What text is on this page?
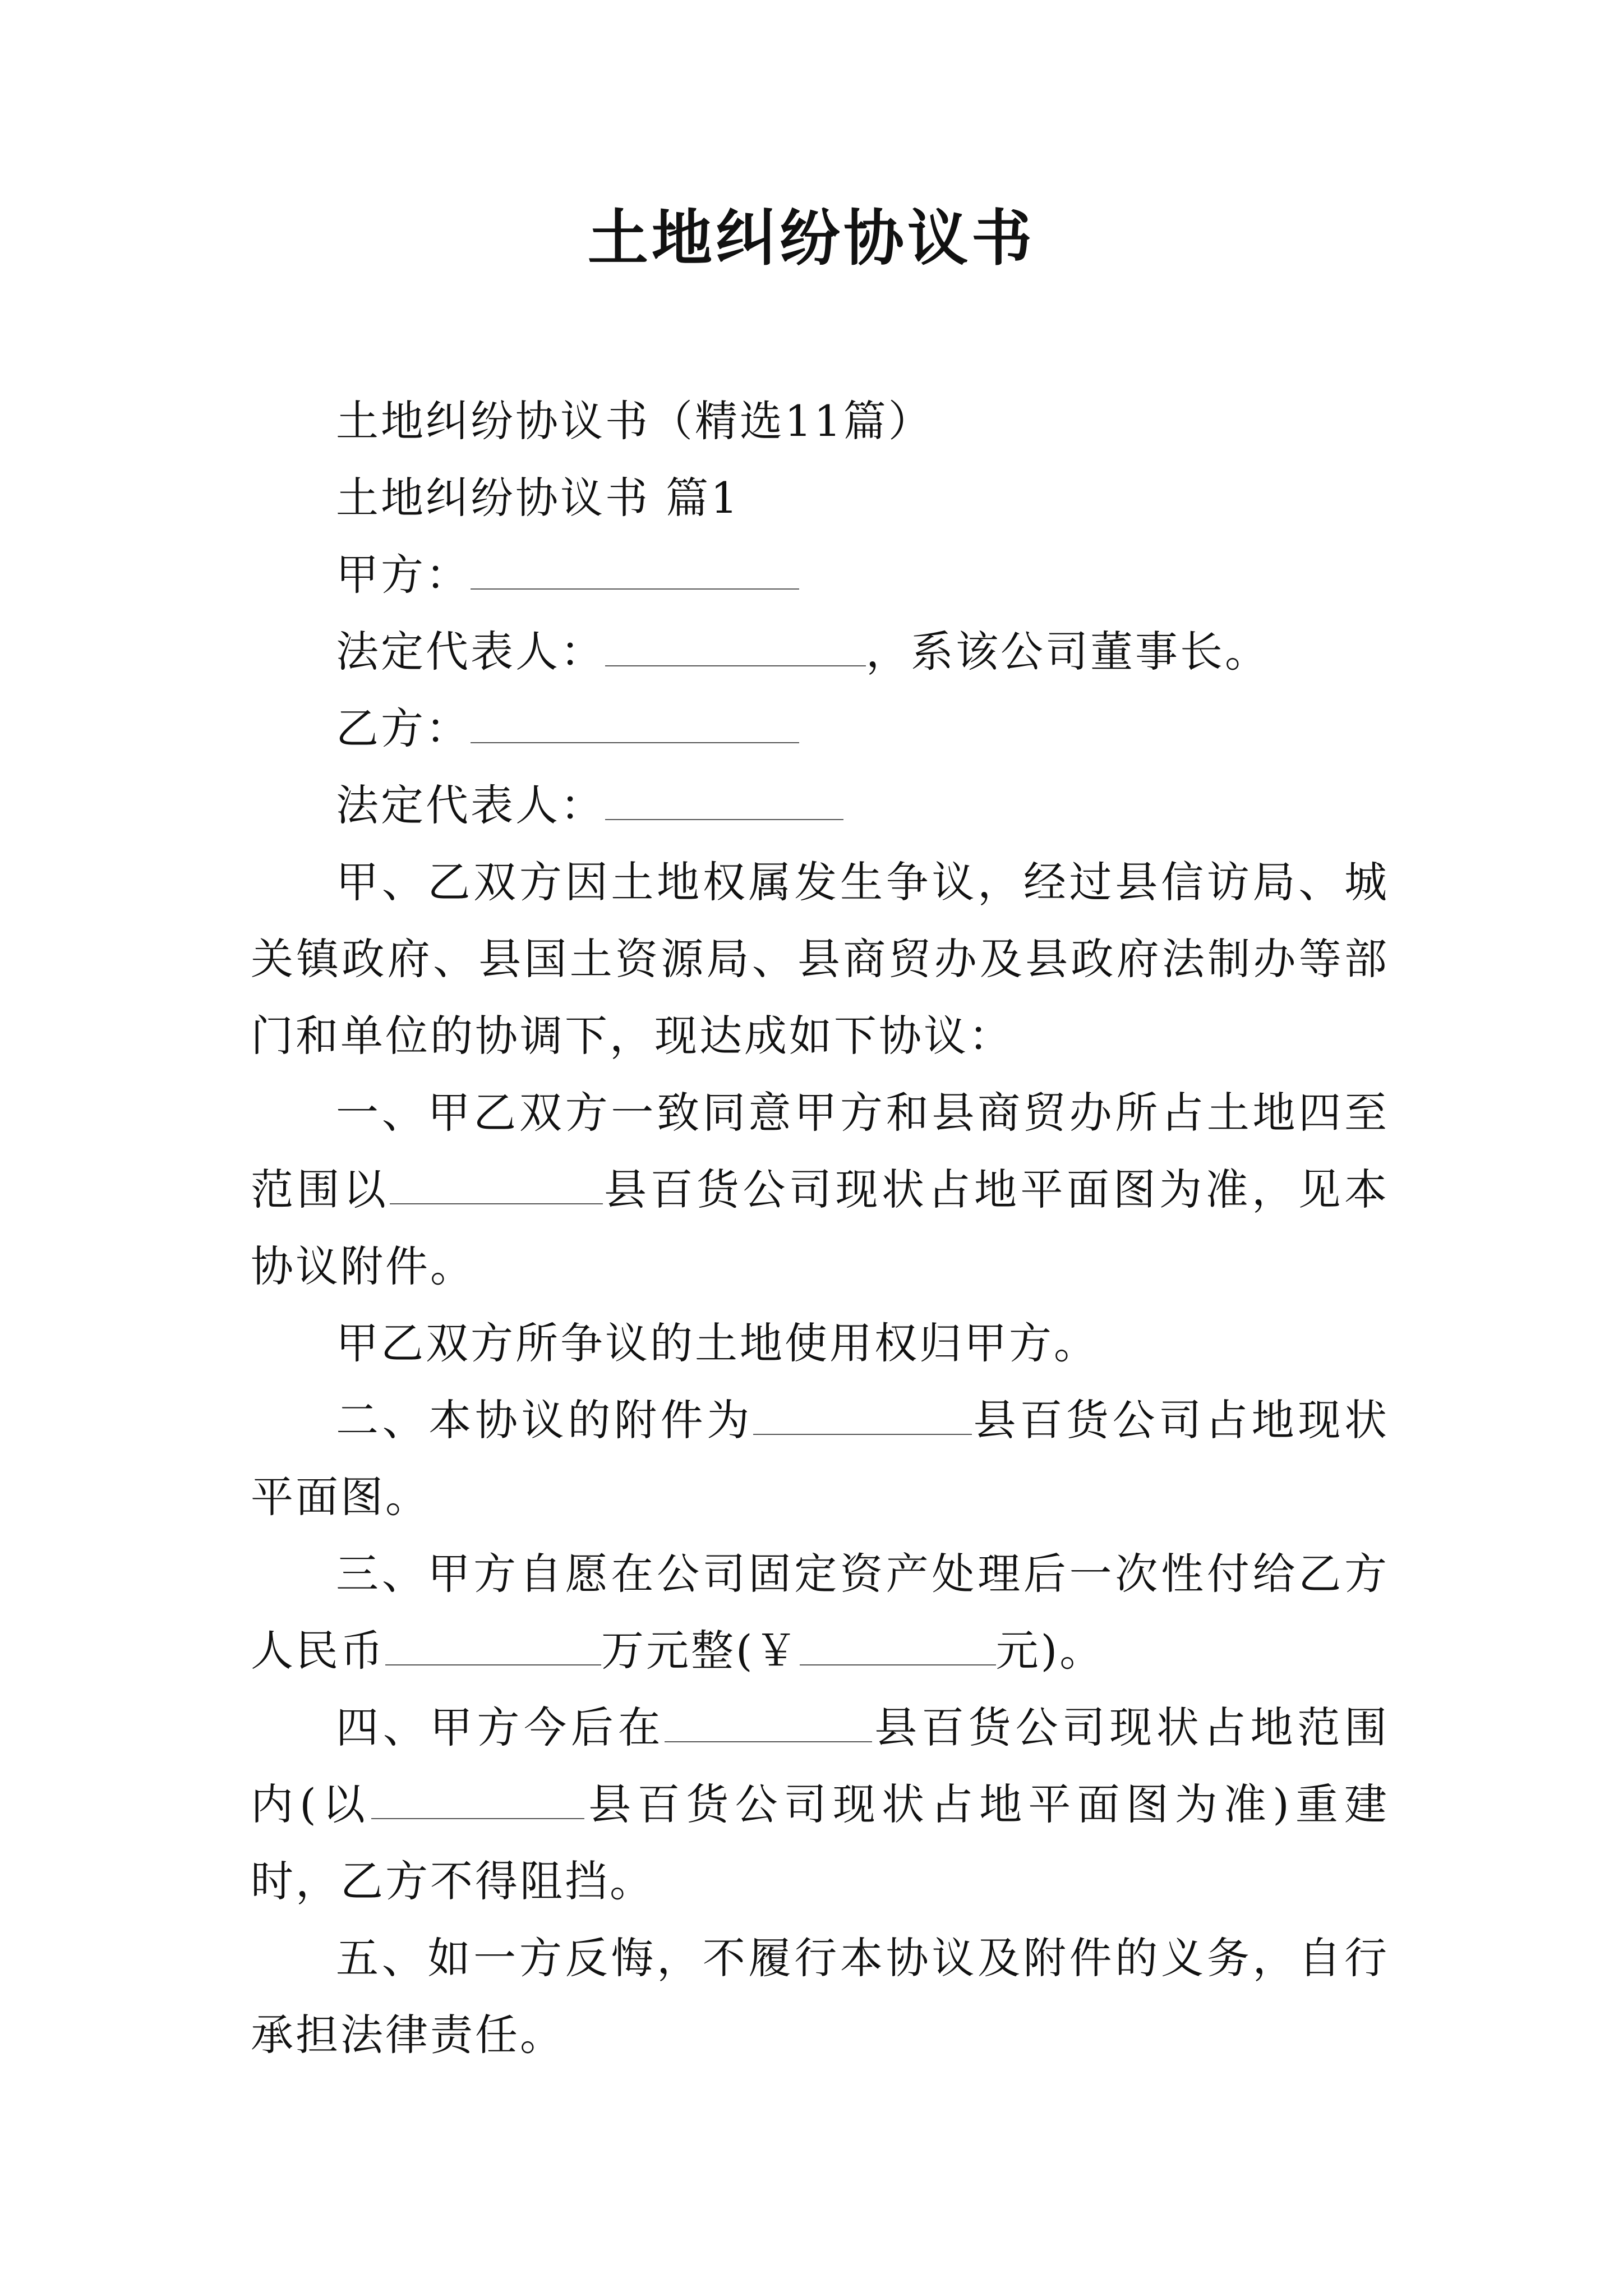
土地纠纷协议书

土地纠纷协议书（精选11篇）

土地纠纷协议书 篇1

甲方：

法定代表人：	，系该公司董事长。

乙方：

法定代表人：

甲、乙双方因土地权属发生争议，经过县信访局、城关镇政府、县国土资源局、县商贸办及县政府法制办等部门和单位的协调下，现达成如下协议：

一、甲乙双方一致同意甲方和县商贸办所占土地四至范围以	县百货公司现状占地平面图为准，见本协议附件。

甲乙双方所争议的土地使用权归甲方。

二、本协议的附件为	县百货公司占地现状平面图。

三、甲方自愿在公司固定资产处理后一次性付给乙方人民币	万元整(￥	元)。

四、甲方今后在	县百货公司现状占地范围内(以	县百货公司现状占地平面图为准)重建时，乙方不得阻挡。

五、如一方反悔，不履行本协议及附件的义务，自行承担法律责任。
